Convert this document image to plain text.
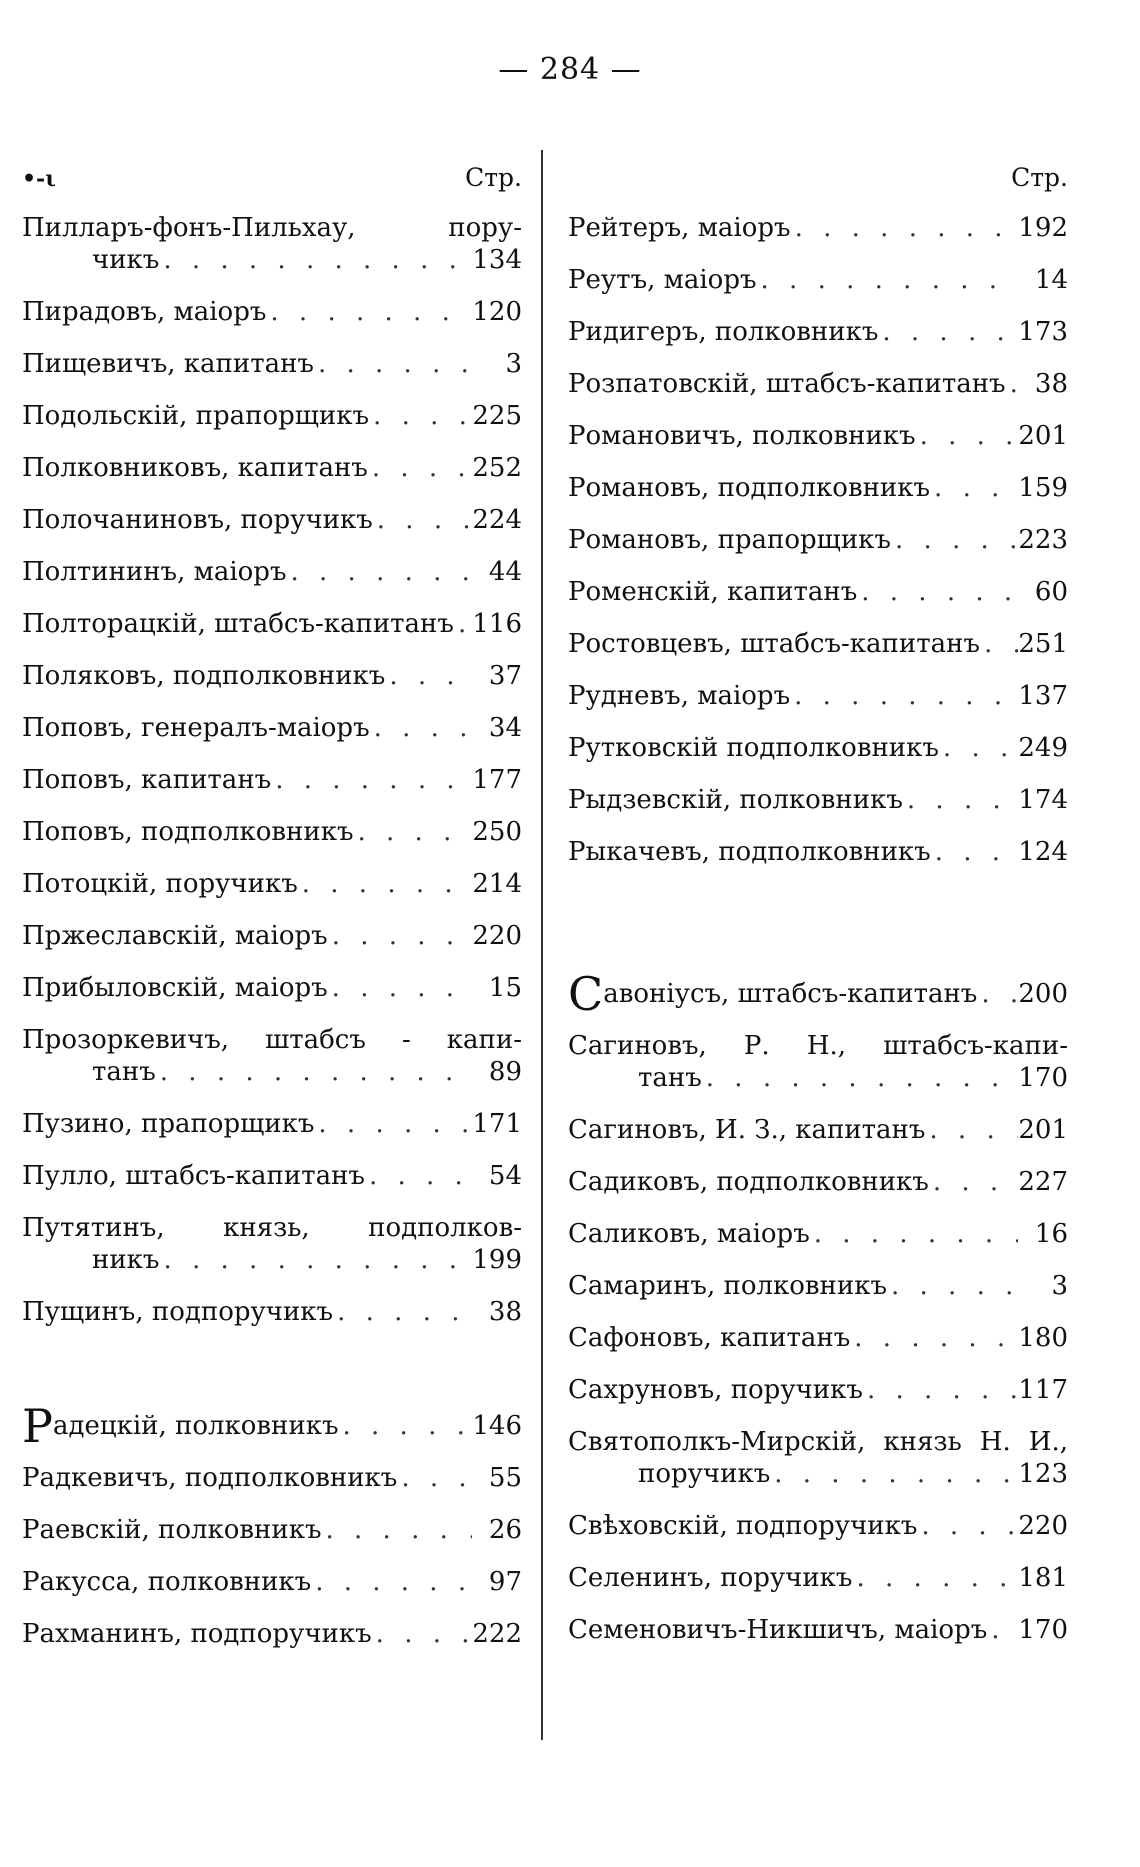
— 284 —
•-ι	Стр.
Пилларъ-фонъ-Пильхау, пору-
чикъ . . .	134
Пирадовъ, маіоръ . . .	120
Пищевичъ, капитанъ . . .	3
Подольскій, прапорщикъ . . .	225
Полковниковъ, капитанъ . . .	252
Полочаниновъ, поручикъ . . .	224
Полтининъ, маіоръ . . .	44
Полторацкій, штабсъ-капитанъ . . . 116
Поляковъ, подполковникъ . . .	37
Поповъ, генералъ-маіоръ . . .	34
Поповъ, капитанъ . . .	177
Поповъ, подполковникъ . . .	250
Потоцкій, поручикъ . . .	214
Пржеславскій, маіоръ . . .	220
Прибыловскій, маіоръ . . .	15
Прозоркевичъ, штабсъ - капи-
танъ . . .	89
Пузино, прапорщикъ . . .	171
Пулло, штабсъ-капитанъ . . .	54
Путятинъ, князь, подполков-
никъ . . .	199
Пущинъ, подпоручикъ . . .	38
Р адецкій, полковникъ . . .	146
Радкевичъ, подполковникъ . . .	55
Раевскій, полковникъ . . .	26
Ракусса, полковникъ . . .	97
Рахманинъ, подпоручикъ . . .	222
Стр.
Рейтеръ, маіоръ . . .	192
Реутъ, маіоръ . . .	14
Ридигеръ, полковникъ . . .	173
Розпатовскій, штабсъ-капитанъ . . .	38
Романовичъ, полковникъ . . .	201
Романовъ, подполковникъ . . .	159
Романовъ, прапорщикъ . . .	223
Роменскій, капитанъ . . .	60
Ростовцевъ, штабсъ-капитанъ . . . 251
Рудневъ, маіоръ . . .	137
Рутковскій подполковникъ . . .	249
Рыдзевскій, полковникъ . . .	174
Рыкачевъ, подполковникъ . . .	124
С авоніусъ, штабсъ-капитанъ . . . 200
Сагиновъ, Р. Н., штабсъ-капи-
танъ . . .	170
Сагиновъ, И. З., капитанъ . . .	201
Садиковъ, подполковникъ . . .	227
Саликовъ, маіоръ . . .	16
Самаринъ, полковникъ . . .	3
Сафоновъ, капитанъ . . .	180
Сахруновъ, поручикъ . . .	117
Святополкъ-Мирскій, князь Н. И.,
поручикъ . . .	123
Свѣховскій, подпоручикъ . . .	220
Селенинъ, поручикъ . . .	181
Семеновичъ-Никшичъ, маіоръ . . . 170
